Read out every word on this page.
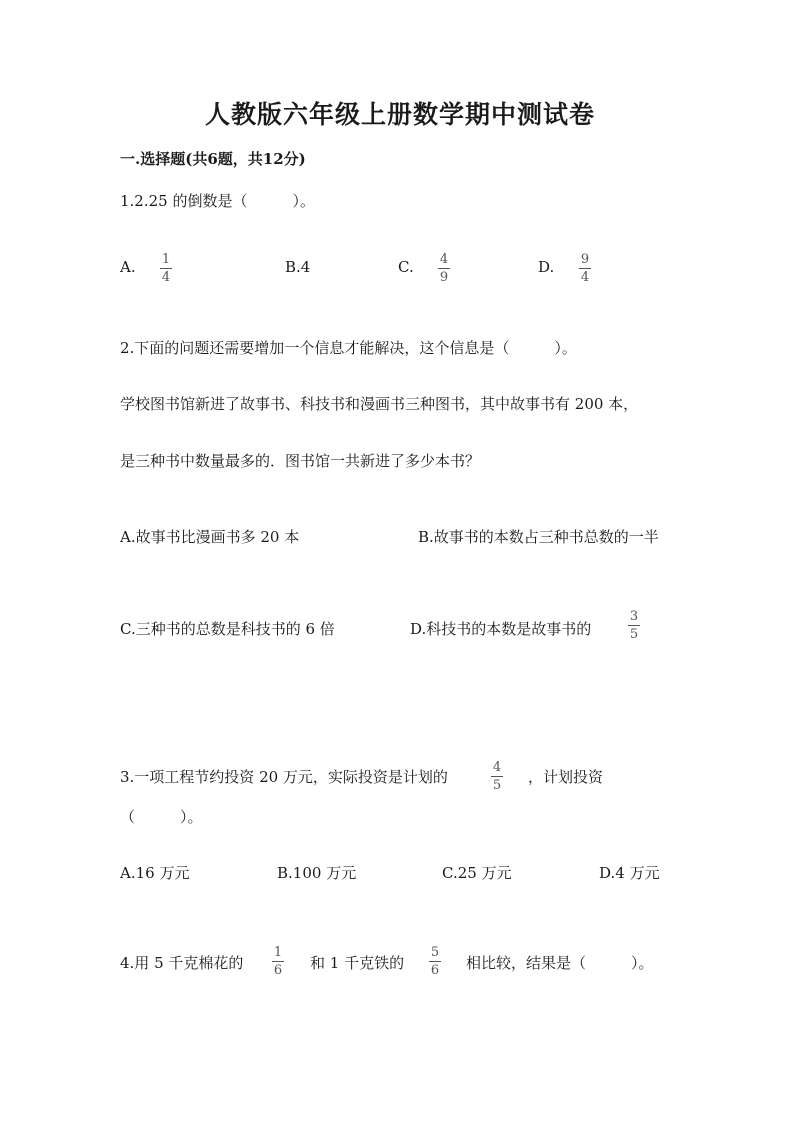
人教版六年级上册数学期中测试卷
一.选择题(共6题，共12分)
1.2.25 的倒数是（　　　）。
A. 1
4
B.4	C. 4
9
D. 9
4
2.下面的问题还需要增加一个信息才能解决，这个信息是（　　　）。
学校图书馆新进了故事书、科技书和漫画书三种图书，其中故事书有 200 本，
是三种书中数量最多的．图书馆一共新进了多少本书？
A.故事书比漫画书多 20 本	B.故事书的本数占三种书总数的一半
C.三种书的总数是科技书的 6 倍	D.科技书的本数是故事书的
3
5
3.一项工程节约投资 20 万元，实际投资是计划的
4
5 ，计划投资
（　　　）。
A.16 万元	B.100 万元	C.25 万元	D.4 万元
4.用 5 千克棉花的
1
6 和 1 千克铁的
5
6 相比较，结果是（　　　）。
